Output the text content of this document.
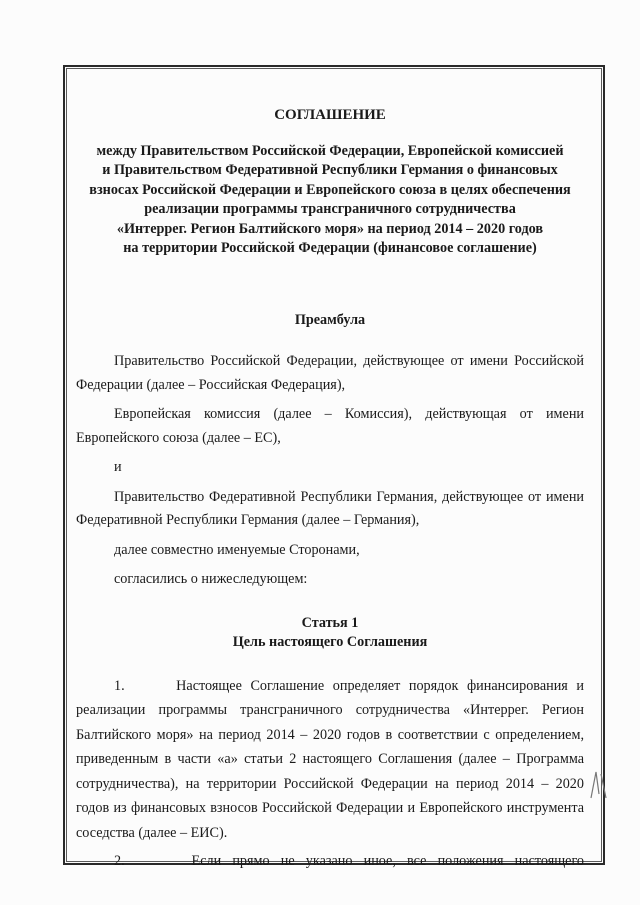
СОГЛАШЕНИЕ
между Правительством Российской Федерации, Европейской комиссией
и Правительством Федеративной Республики Германия о финансовых
взносах Российской Федерации и Европейского союза в целях обеспечения
реализации программы трансграничного сотрудничества
«Интеррег. Регион Балтийского моря» на период 2014 – 2020 годов
на территории Российской Федерации (финансовое соглашение)
Преамбула

Правительство Российской Федерации, действующее от имени Российской Федерации (далее – Российская Федерация),

Европейская комиссия (далее – Комиссия), действующая от имени Европейского союза (далее – ЕС),

и

Правительство Федеративной Республики Германия, действующее от имени Федеративной Республики Германия (далее – Германия),

далее совместно именуемые Сторонами,

согласились о нижеследующем:

Статья 1
Цель настоящего Соглашения

1.	Настоящее Соглашение определяет порядок финансирования и реализации программы трансграничного сотрудничества «Интеррег. Регион Балтийского моря» на период 2014 – 2020 годов в соответствии с определением, приведенным в части «а» статьи 2 настоящего Соглашения (далее – Программа сотрудничества), на территории Российской Федерации на период 2014 – 2020 годов из финансовых взносов Российской Федерации и Европейского инструмента соседства (далее – ЕИС).

2.	Если прямо не указано иное, все положения настоящего
